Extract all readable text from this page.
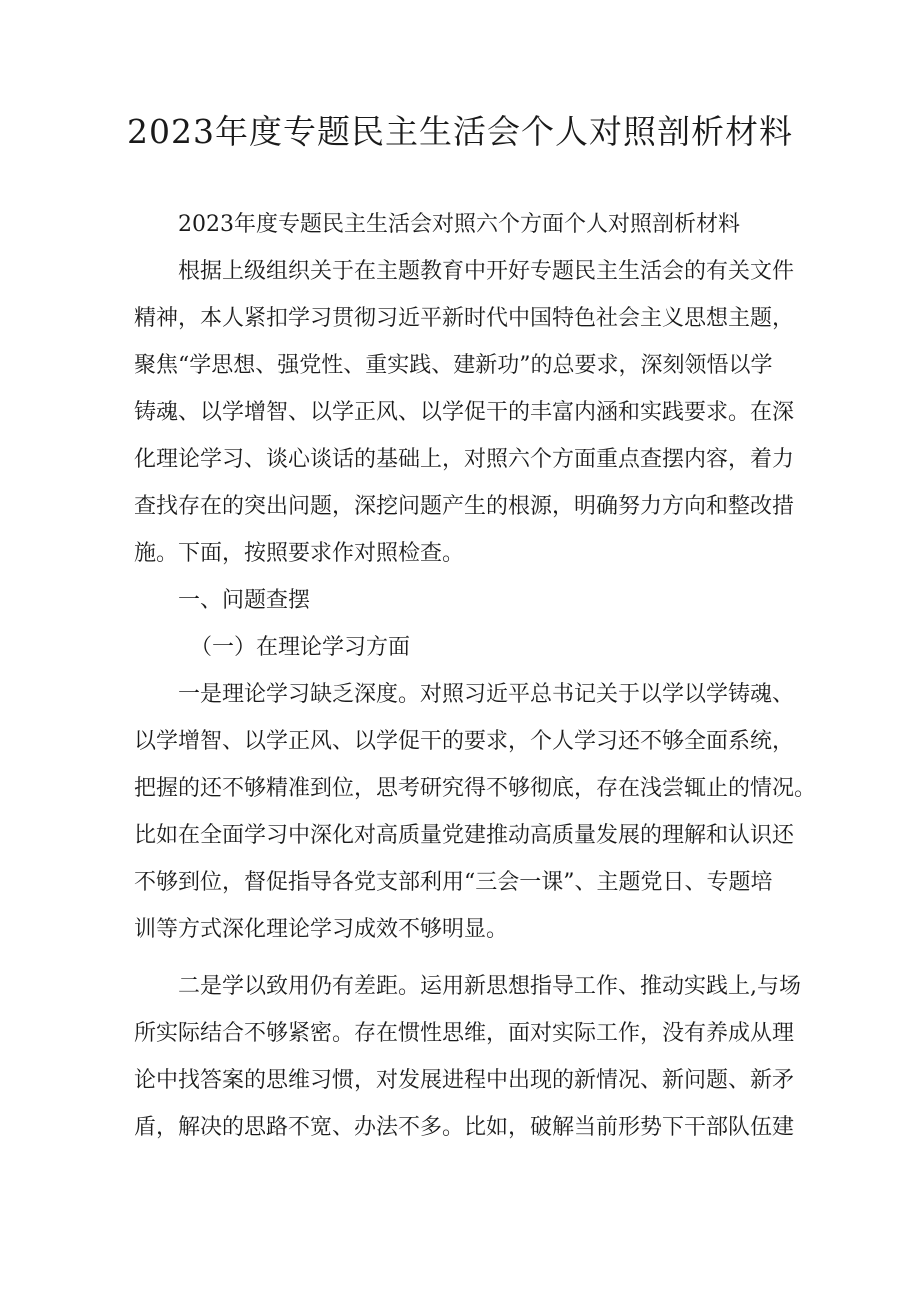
2023年度专题民主生活会个人对照剖析材料

2023年度专题民主生活会对照六个方面个人对照剖析材料

根据上级组织关于在主题教育中开好专题民主生活会的有关文件

精神，本人紧扣学习贯彻习近平新时代中国特色社会主义思想主题，

聚焦“学思想、强党性、重实践、建新功”的总要求，深刻领悟以学

铸魂、以学增智、以学正风、以学促干的丰富内涵和实践要求。在深

化理论学习、谈心谈话的基础上，对照六个方面重点查摆内容，着力

查找存在的突出问题，深挖问题产生的根源，明确努力方向和整改措

施。下面，按照要求作对照检查。

一、问题查摆

（一）在理论学习方面

一是理论学习缺乏深度。对照习近平总书记关于以学以学铸魂、

以学增智、以学正风、以学促干的要求，个人学习还不够全面系统，

把握的还不够精准到位，思考研究得不够彻底，存在浅尝辄止的情况。

比如在全面学习中深化对高质量党建推动高质量发展的理解和认识还

不够到位，督促指导各党支部利用“三会一课”、主题党日、专题培

训等方式深化理论学习成效不够明显。

二是学以致用仍有差距。运用新思想指导工作、推动实践上,与场

所实际结合不够紧密。存在惯性思维，面对实际工作，没有养成从理

论中找答案的思维习惯，对发展进程中出现的新情况、新问题、新矛

盾，解决的思路不宽、办法不多。比如，破解当前形势下干部队伍建
